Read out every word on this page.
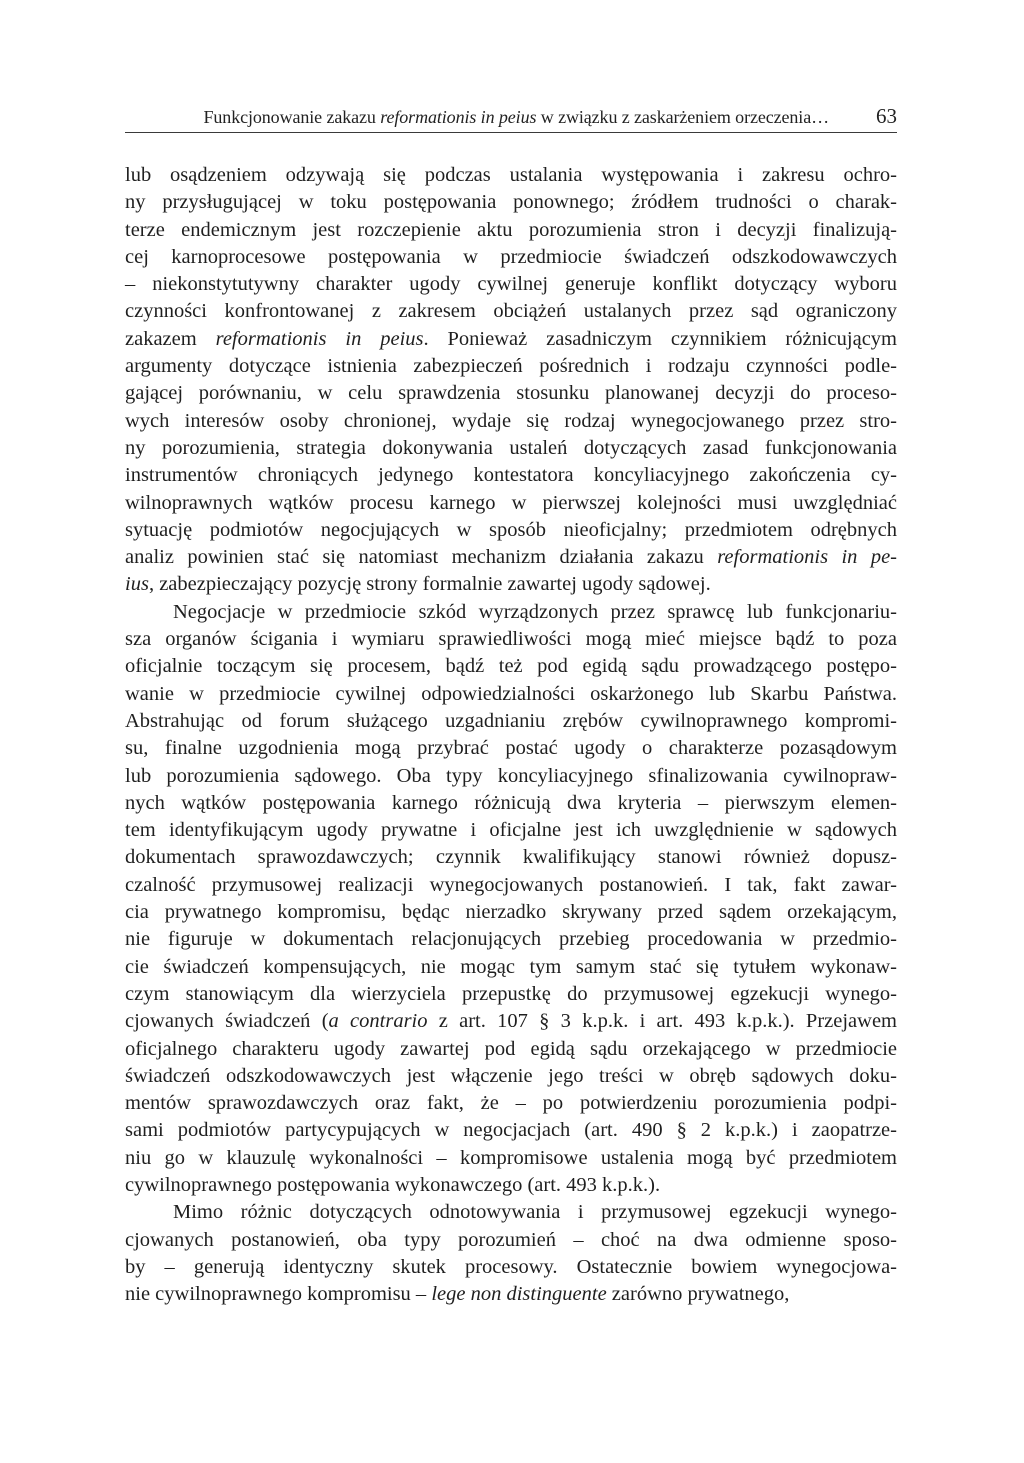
Funkcjonowanie zakazu reformationis in peius w związku z zaskarżeniem orzeczenia… 63
lub osądzeniem odzywają się podczas ustalania występowania i zakresu ochro-
ny przysługującej w toku postępowania ponownego; źródłem trudności o charak-
terze endemicznym jest rozczepienie aktu porozumienia stron i decyzji finalizują-
cej karnoprocesowe postępowania w przedmiocie świadczeń odszkodowawczych
– niekonstytutywny charakter ugody cywilnej generuje konflikt dotyczący wyboru
czynności konfrontowanej z zakresem obciążeń ustalanych przez sąd ograniczony
zakazem reformationis in peius. Ponieważ zasadniczym czynnikiem różnicującym
argumenty dotyczące istnienia zabezpieczeń pośrednich i rodzaju czynności podle-
gającej porównaniu, w celu sprawdzenia stosunku planowanej decyzji do proceso-
wych interesów osoby chronionej, wydaje się rodzaj wynegocjowanego przez stro-
ny porozumienia, strategia dokonywania ustaleń dotyczących zasad funkcjonowania
instrumentów chroniących jedynego kontestatora koncyliacyjnego zakończenia cy-
wilnoprawnych wątków procesu karnego w pierwszej kolejności musi uwzględniać
sytuację podmiotów negocjujących w sposób nieoficjalny; przedmiotem odrębnych
analiz powinien stać się natomiast mechanizm działania zakazu reformationis in pe-
ius, zabezpieczający pozycję strony formalnie zawartej ugody sądowej.
Negocjacje w przedmiocie szkód wyrządzonych przez sprawcę lub funkcjonariu-
sza organów ścigania i wymiaru sprawiedliwości mogą mieć miejsce bądź to poza
oficjalnie toczącym się procesem, bądź też pod egidą sądu prowadzącego postępo-
wanie w przedmiocie cywilnej odpowiedzialności oskarżonego lub Skarbu Państwa.
Abstrahując od forum służącego uzgadnianiu zrębów cywilnoprawnego kompromi-
su, finalne uzgodnienia mogą przybrać postać ugody o charakterze pozasądowym
lub porozumienia sądowego. Oba typy koncyliacyjnego sfinalizowania cywilnopraw-
nych wątków postępowania karnego różnicują dwa kryteria – pierwszym elemen-
tem identyfikującym ugody prywatne i oficjalne jest ich uwzględnienie w sądowych
dokumentach sprawozdawczych; czynnik kwalifikujący stanowi również dopusz-
czalność przymusowej realizacji wynegocjowanych postanowień. I tak, fakt zawar-
cia prywatnego kompromisu, będąc nierzadko skrywany przed sądem orzekającym,
nie figuruje w dokumentach relacjonujących przebieg procedowania w przedmio-
cie świadczeń kompensujących, nie mogąc tym samym stać się tytułem wykonaw-
czym stanowiącym dla wierzyciela przepustkę do przymusowej egzekucji wynego-
cjowanych świadczeń (a contrario z art. 107 § 3 k.p.k. i art. 493 k.p.k.). Przejawem
oficjalnego charakteru ugody zawartej pod egidą sądu orzekającego w przedmiocie
świadczeń odszkodowawczych jest włączenie jego treści w obręb sądowych doku-
mentów sprawozdawczych oraz fakt, że – po potwierdzeniu porozumienia podpi-
sami podmiotów partycypujących w negocjacjach (art. 490 § 2 k.p.k.) i zaopatrze-
niu go w klauzulę wykonalności – kompromisowe ustalenia mogą być przedmiotem
cywilnoprawnego postępowania wykonawczego (art. 493 k.p.k.).
Mimo różnic dotyczących odnotowywania i przymusowej egzekucji wynego-
cjowanych postanowień, oba typy porozumień – choć na dwa odmienne sposo-
by – generują identyczny skutek procesowy. Ostatecznie bowiem wynegocjowa-
nie cywilnoprawnego kompromisu – lege non distinguente zarówno prywatnego,
